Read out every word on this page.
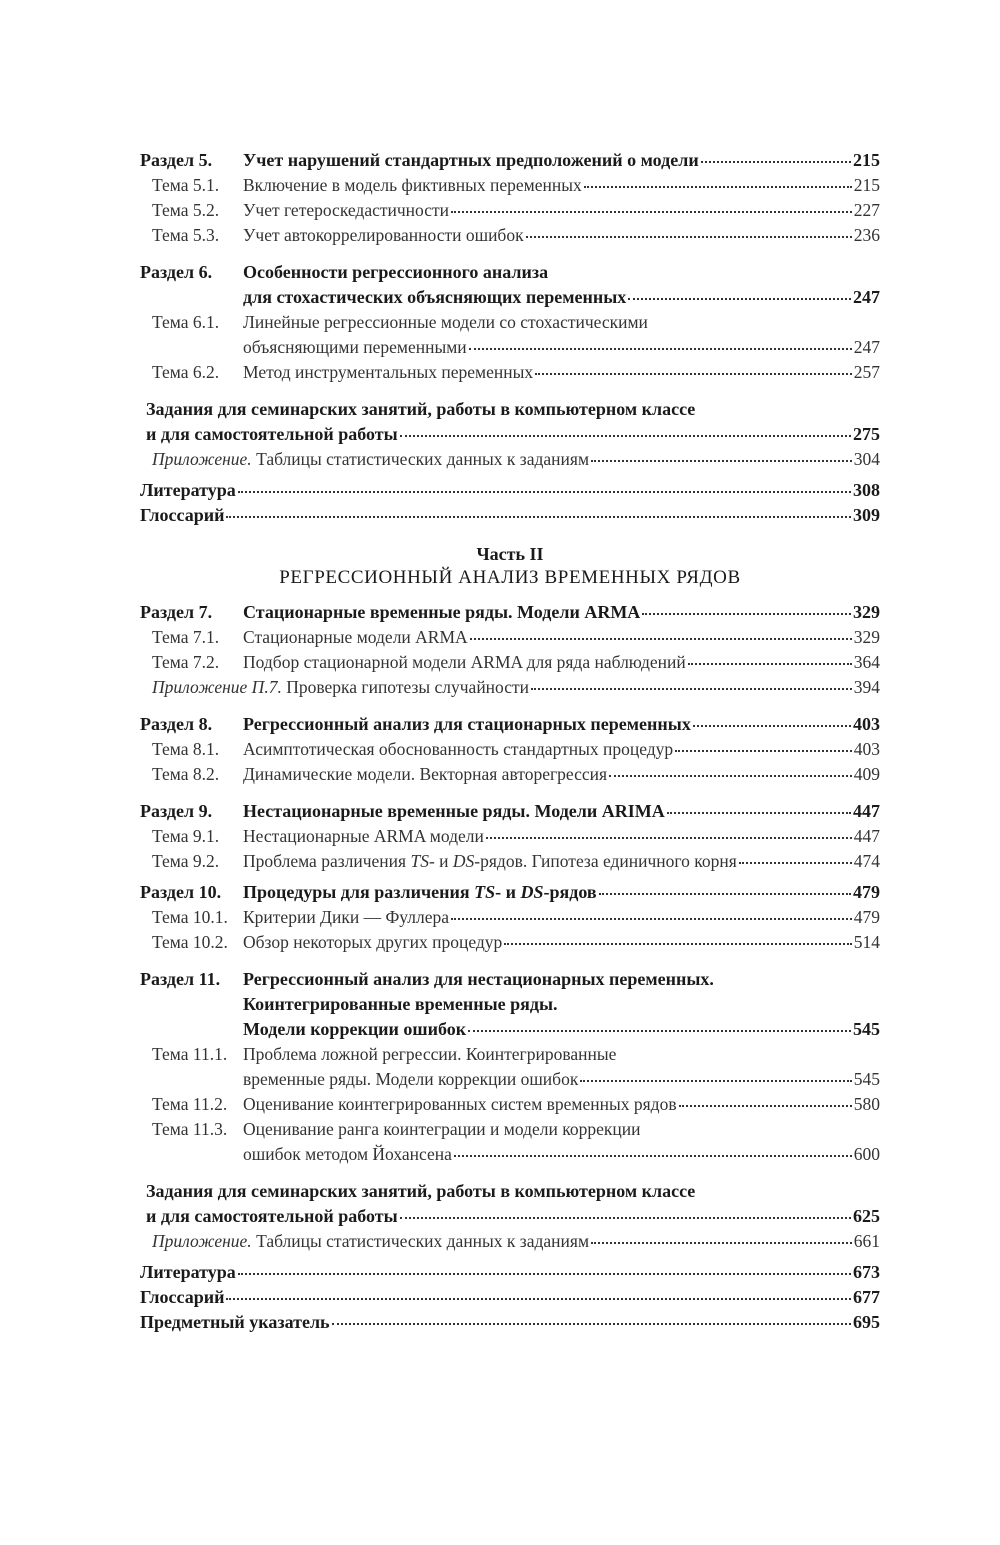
Раздел 5.	Учет нарушений стандартных предположений о модели	215
Тема 5.1.	Включение в модель фиктивных переменных	215
Тема 5.2.	Учет гетероскедастичности	227
Тема 5.3.	Учет автокоррелированности ошибок	236
Раздел 6.	Особенности регрессионного анализа
для стохастических объясняющих переменных	247
Тема 6.1.	Линейные регрессионные модели со стохастическими
объясняющими переменными	247
Тема 6.2.	Метод инструментальных переменных	257
Задания для семинарских занятий, работы в компьютерном классе
и для самостоятельной работы	275
Приложение. Таблицы статистических данных к заданиям	304
Литература	308
Глоссарий	309
Часть II
РЕГРЕССИОННЫЙ АНАЛИЗ ВРЕМЕННЫХ РЯДОВ
Раздел 7.	Стационарные временные ряды. Модели ARMA	329
Тема 7.1.	Стационарные модели ARMA	329
Тема 7.2.	Подбор стационарной модели ARMA для ряда наблюдений	364
Приложение П.7. Проверка гипотезы случайности	394
Раздел 8.	Регрессионный анализ для стационарных переменных	403
Тема 8.1.	Асимптотическая обоснованность стандартных процедур	403
Тема 8.2.	Динамические модели. Векторная авторегрессия	409
Раздел 9.	Нестационарные временные ряды. Модели ARIMA	447
Тема 9.1.	Нестационарные ARMA модели	447
Тема 9.2.	Проблема различения TS- и DS-рядов. Гипотеза единичного корня	474
Раздел 10.	Процедуры для различения TS- и DS-рядов	479
Тема 10.1. Критерии Дики — Фуллера	479
Тема 10.2. Обзор некоторых других процедур	514
Раздел 11.	Регрессионный анализ для нестационарных переменных.
Коинтегрированные временные ряды.
Модели коррекции ошибок	545
Тема 11.1. Проблема ложной регрессии. Коинтегрированные
временные ряды. Модели коррекции ошибок	545
Тема 11.2. Оценивание коинтегрированных систем временных рядов	580
Тема 11.3. Оценивание ранга коинтеграции и модели коррекции
ошибок методом Йохансена	600
Задания для семинарских занятий, работы в компьютерном классе
и для самостоятельной работы	625
Приложение. Таблицы статистических данных к заданиям	661
Литература	673
Глоссарий	677
Предметный указатель	695
